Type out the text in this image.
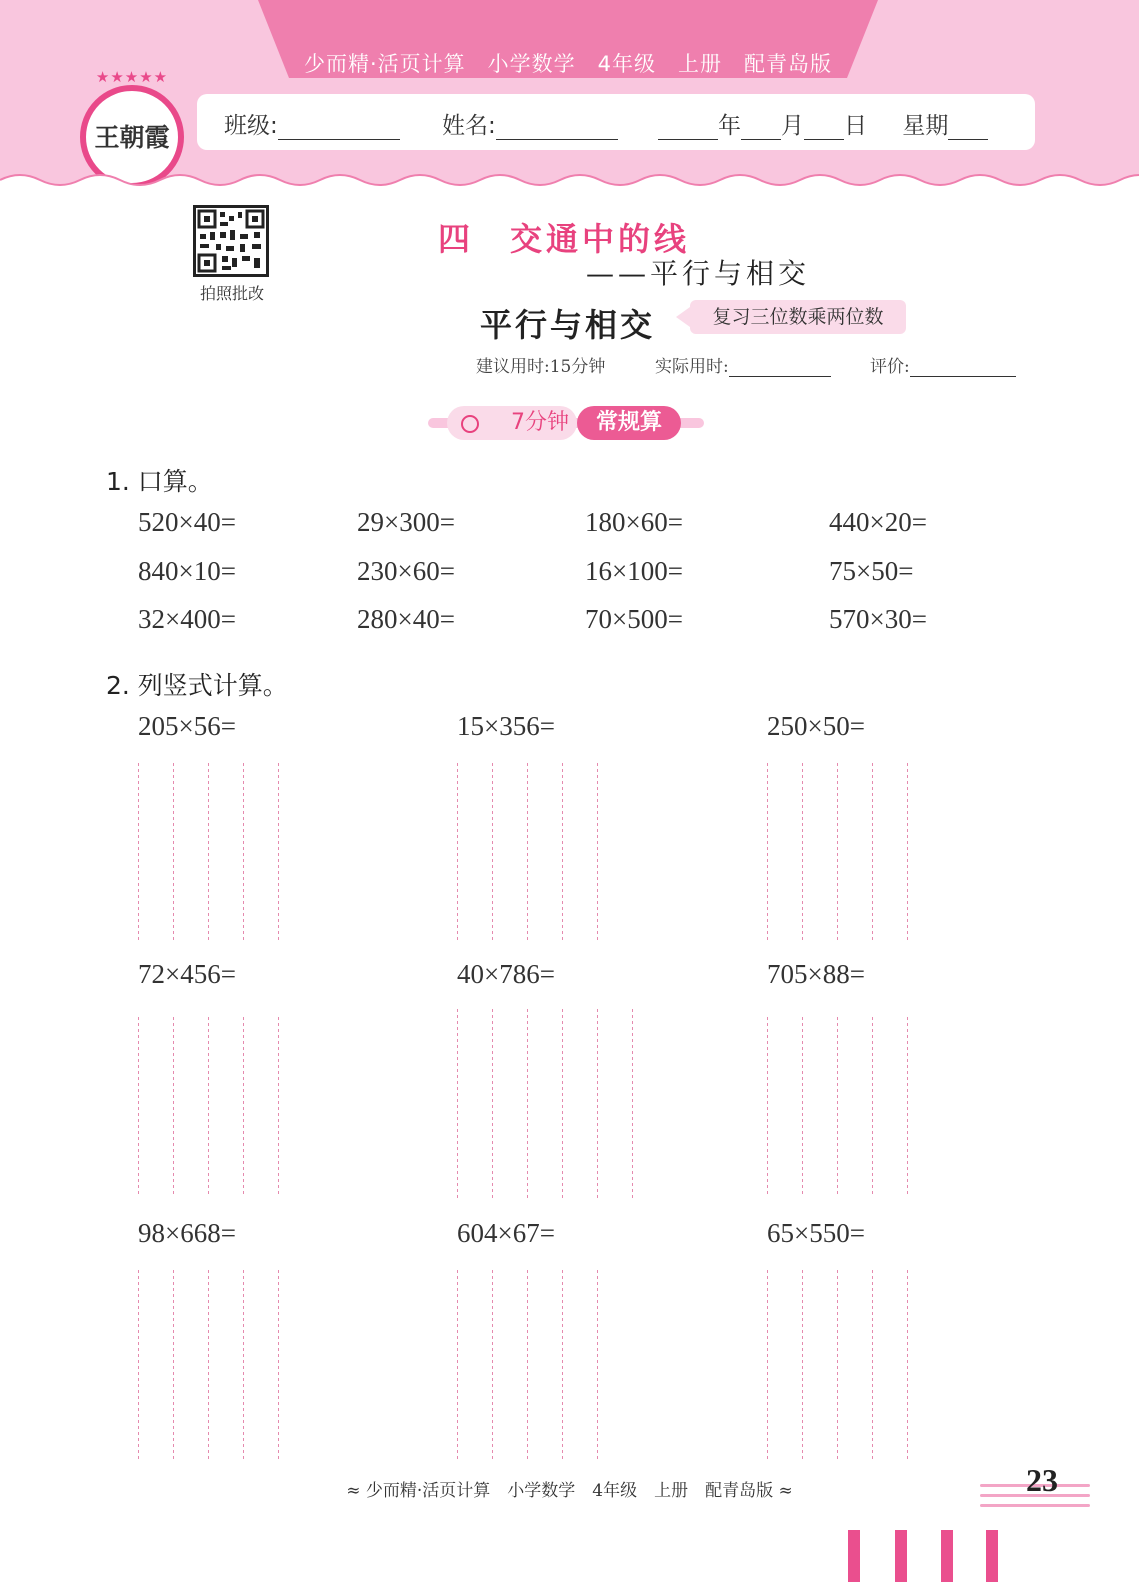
少而精·活页计算　小学数学　4年级　上册　配青岛版
班级:	姓名:	年 月 日 星期
★★★★★
王朝霞
拍照批改
四　交通中的线
——平行与相交
平行与相交	复习三位数乘两位数
建议用时:15分钟	实际用时:	评价:
7分钟	常规算
1. 口算。
520×40=	29×300=	180×60=	440×20=
840×10=	230×60=	16×100=	75×50=
32×400=	280×40=	70×500=	570×30=
2. 列竖式计算。
205×56=	15×356=	250×50=
72×456=	40×786=	705×88=
98×668=	604×67=	65×550=
≈ 少而精·活页计算　小学数学　4年级　上册　配青岛版 ≈	23
